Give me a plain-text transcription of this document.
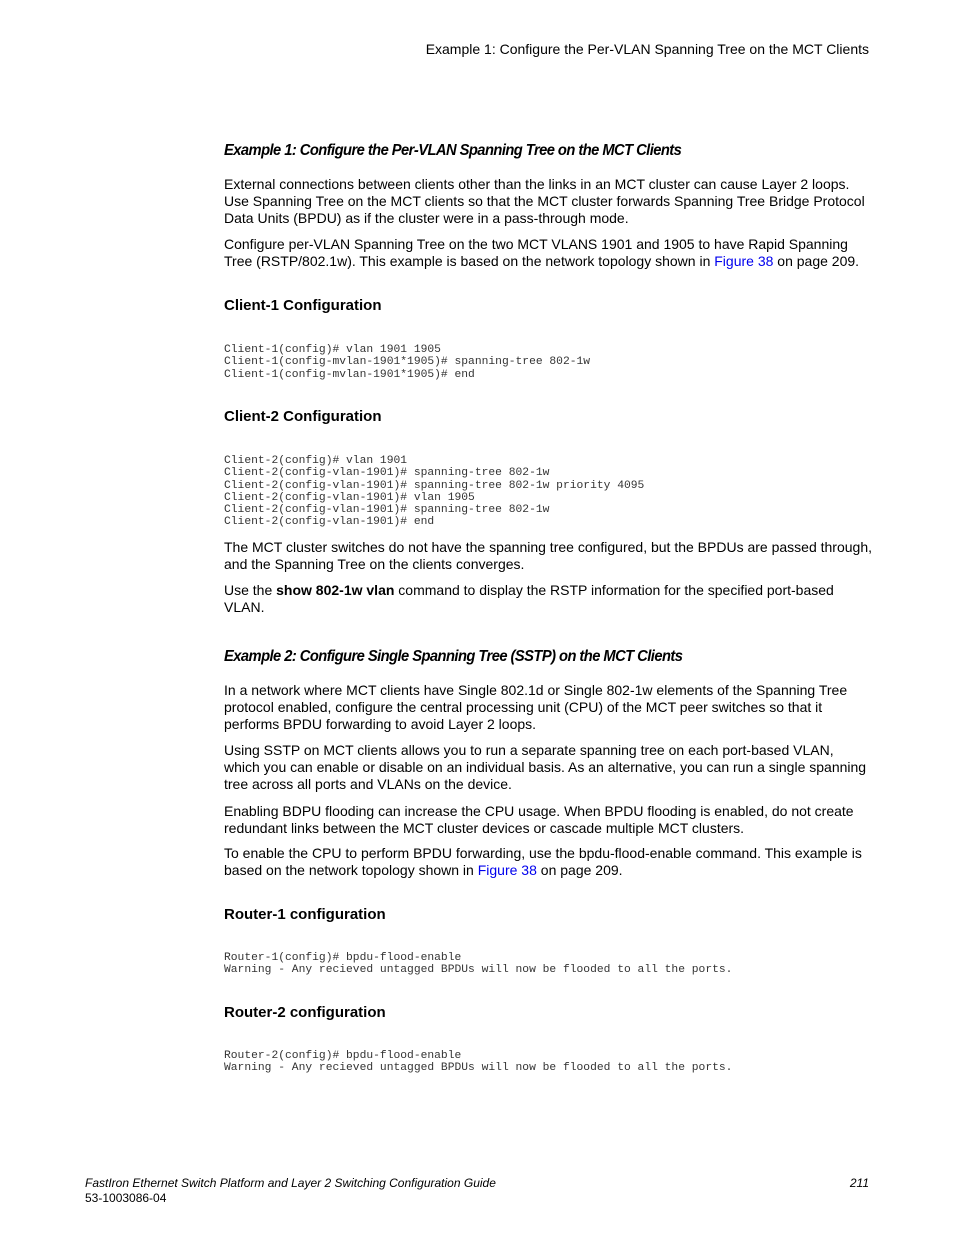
Example 1: Configure the Per-VLAN Spanning Tree on the MCT Clients
Example 1: Configure the Per-VLAN Spanning Tree on the MCT Clients
External connections between clients other than the links in an MCT cluster can cause Layer 2 loops. Use Spanning Tree on the MCT clients so that the MCT cluster forwards Spanning Tree Bridge Protocol Data Units (BPDU) as if the cluster were in a pass-through mode.
Configure per-VLAN Spanning Tree on the two MCT VLANS 1901 and 1905 to have Rapid Spanning Tree (RSTP/802.1w). This example is based on the network topology shown in Figure 38 on page 209.
Client-1 Configuration
Client-1(config)# vlan 1901 1905
Client-1(config-mvlan-1901*1905)# spanning-tree 802-1w
Client-1(config-mvlan-1901*1905)# end
Client-2 Configuration
Client-2(config)# vlan 1901
Client-2(config-vlan-1901)# spanning-tree 802-1w
Client-2(config-vlan-1901)# spanning-tree 802-1w priority 4095
Client-2(config-vlan-1901)# vlan 1905
Client-2(config-vlan-1901)# spanning-tree 802-1w
Client-2(config-vlan-1901)# end
The MCT cluster switches do not have the spanning tree configured, but the BPDUs are passed through, and the Spanning Tree on the clients converges.
Use the show 802-1w vlan command to display the RSTP information for the specified port-based VLAN.
Example 2: Configure Single Spanning Tree (SSTP) on the MCT Clients
In a network where MCT clients have Single 802.1d or Single 802-1w elements of the Spanning Tree protocol enabled, configure the central processing unit (CPU) of the MCT peer switches so that it performs BPDU forwarding to avoid Layer 2 loops.
Using SSTP on MCT clients allows you to run a separate spanning tree on each port-based VLAN, which you can enable or disable on an individual basis. As an alternative, you can run a single spanning tree across all ports and VLANs on the device.
Enabling BDPU flooding can increase the CPU usage. When BPDU flooding is enabled, do not create redundant links between the MCT cluster devices or cascade multiple MCT clusters.
To enable the CPU to perform BPDU forwarding, use the bpdu-flood-enable command. This example is based on the network topology shown in Figure 38 on page 209.
Router-1 configuration
Router-1(config)# bpdu-flood-enable
Warning - Any recieved untagged BPDUs will now be flooded to all the ports.
Router-2 configuration
Router-2(config)# bpdu-flood-enable
Warning - Any recieved untagged BPDUs will now be flooded to all the ports.
FastIron Ethernet Switch Platform and Layer 2 Switching Configuration Guide
53-1003086-04
211
